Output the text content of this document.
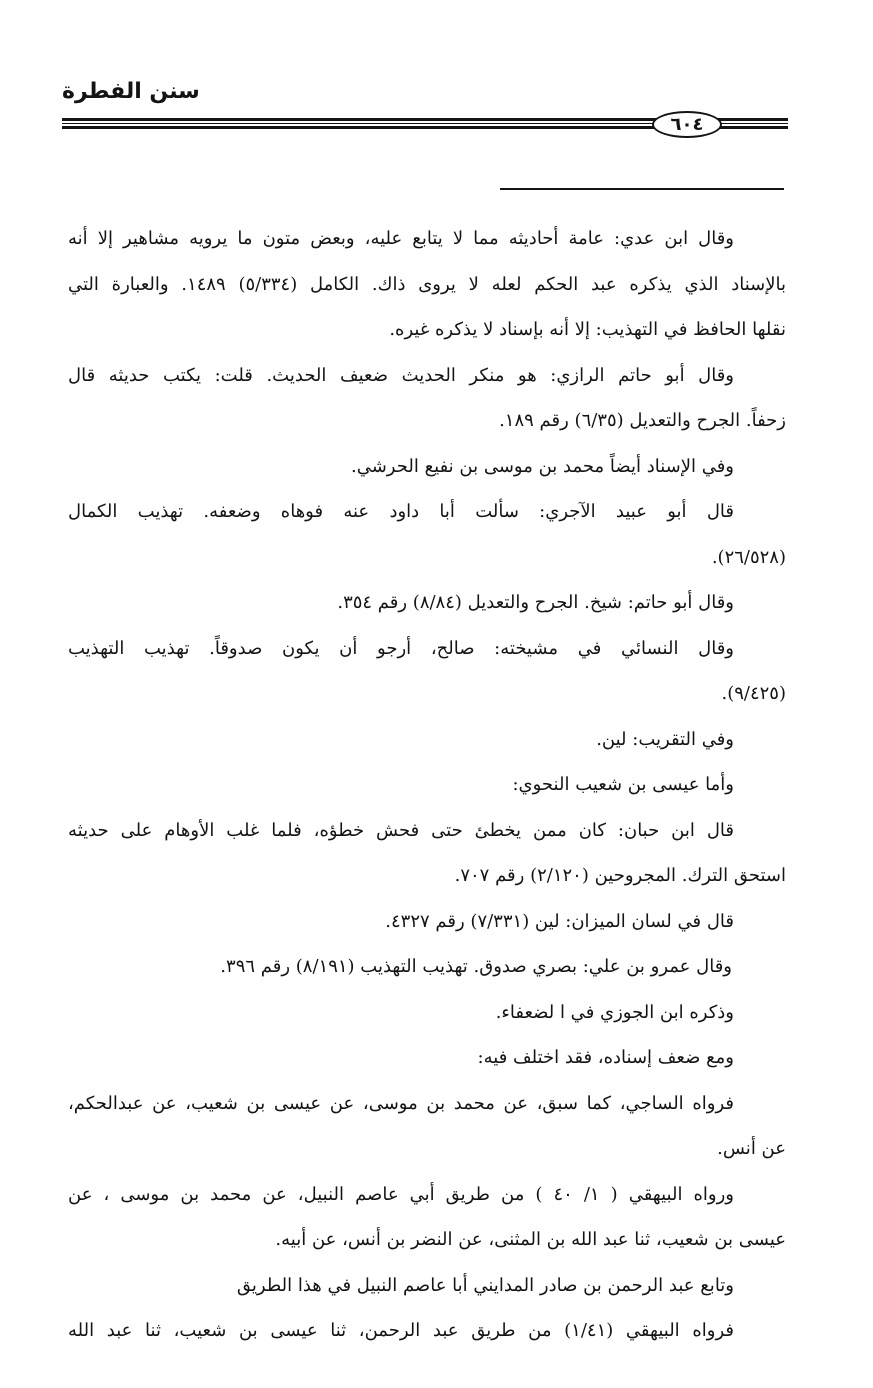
سنن الفطرة
٦٠٤

وقال ابن عدي: عامة أحاديثه مما لا يتابع عليه، وبعض متون ما يرويه مشاهير إلا أنه

بالإسناد الذي يذكره عبد الحكم لعله لا يروى ذاك. الكامل (٥/٣٣٤) ١٤٨٩. والعبارة التي

نقلها الحافظ في التهذيب: إلا أنه بإسناد لا يذكره غيره.

وقال أبو حاتم الرازي: هو منكر الحديث ضعيف الحديث. قلت: يكتب حديثه قال

زحفاً. الجرح والتعديل (٦/٣٥) رقم ١٨٩.

وفي الإسناد أيضاً محمد بن موسى بن نفيع الحرشي.

قال أبو عبيد الآجري: سألت أبا داود عنه فوهاه وضعفه. تهذيب الكمال

(٢٦/٥٢٨).

وقال أبو حاتم: شيخ. الجرح والتعديل (٨/٨٤) رقم ٣٥٤.

وقال النسائي في مشيخته: صالح، أرجو أن يكون صدوقاً. تهذيب التهذيب

(٩/٤٢٥).

وفي التقريب: لين.

وأما عيسى بن شعيب النحوي:

قال ابن حبان: كان ممن يخطئ حتى فحش خطؤه، فلما غلب الأوهام على حديثه

استحق الترك. المجروحين (٢/١٢٠) رقم ٧٠٧.

قال في لسان الميزان: لين (٧/٣٣١) رقم ٤٣٢٧.

وقال عمرو بن علي: بصري صدوق. تهذيب التهذيب (٨/١٩١) رقم ٣٩٦.

وذكره ابن الجوزي في ا لضعفاء.

ومع ضعف إسناده، فقد اختلف فيه:

فرواه الساجي، كما سبق، عن محمد بن موسى، عن عيسى بن شعيب، عن عبدالحكم،

عن أنس.

ورواه البيهقي ( ١/ ٤٠ ) من طريق أبي عاصم النبيل، عن محمد بن موسى ، عن

عيسى بن شعيب، ثنا عبد الله بن المثنى، عن النضر بن أنس، عن أبيه.

وتابع عبد الرحمن بن صادر المدايني أبا عاصم النبيل في هذا الطريق

فرواه البيهقي (١/٤١) من طريق عبد الرحمن، ثنا عيسى بن شعيب، ثنا عبد الله
